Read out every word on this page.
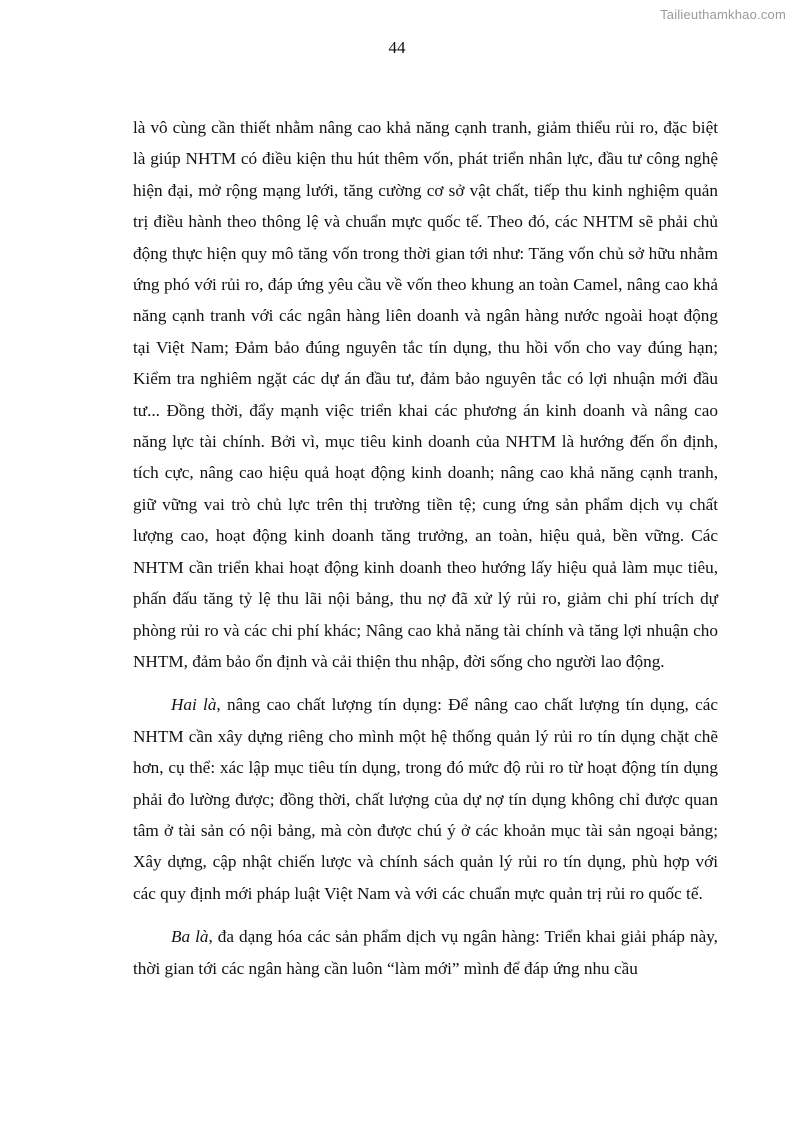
Tailieuthamkhao.com
44

là vô cùng cần thiết nhằm nâng cao khả năng cạnh tranh, giảm thiểu rủi ro, đặc biệt là giúp NHTM có điều kiện thu hút thêm vốn, phát triển nhân lực, đầu tư công nghệ hiện đại, mở rộng mạng lưới, tăng cường cơ sở vật chất, tiếp thu kinh nghiệm quản trị điều hành theo thông lệ và chuẩn mực quốc tế. Theo đó, các NHTM sẽ phải chủ động thực hiện quy mô tăng vốn trong thời gian tới như: Tăng vốn chủ sở hữu nhằm ứng phó với rủi ro, đáp ứng yêu cầu về vốn theo khung an toàn Camel, nâng cao khả năng cạnh tranh với các ngân hàng liên doanh và ngân hàng nước ngoài hoạt động tại Việt Nam; Đảm bảo đúng nguyên tắc tín dụng, thu hồi vốn cho vay đúng hạn; Kiểm tra nghiêm ngặt các dự án đầu tư, đảm bảo nguyên tắc có lợi nhuận mới đầu tư... Đồng thời, đẩy mạnh việc triển khai các phương án kinh doanh và nâng cao năng lực tài chính. Bởi vì, mục tiêu kinh doanh của NHTM là hướng đến ổn định, tích cực, nâng cao hiệu quả hoạt động kinh doanh; nâng cao khả năng cạnh tranh, giữ vững vai trò chủ lực trên thị trường tiền tệ; cung ứng sản phẩm dịch vụ chất lượng cao, hoạt động kinh doanh tăng trưởng, an toàn, hiệu quả, bền vững. Các NHTM cần triển khai hoạt động kinh doanh theo hướng lấy hiệu quả làm mục tiêu, phấn đấu tăng tỷ lệ thu lãi nội bảng, thu nợ đã xử lý rủi ro, giảm chi phí trích dự phòng rủi ro và các chi phí khác; Nâng cao khả năng tài chính và tăng lợi nhuận cho NHTM, đảm bảo ổn định và cải thiện thu nhập, đời sống cho người lao động.

Hai là, nâng cao chất lượng tín dụng: Để nâng cao chất lượng tín dụng, các NHTM cần xây dựng riêng cho mình một hệ thống quản lý rủi ro tín dụng chặt chẽ hơn, cụ thể: xác lập mục tiêu tín dụng, trong đó mức độ rủi ro từ hoạt động tín dụng phải đo lường được; đồng thời, chất lượng của dự nợ tín dụng không chỉ được quan tâm ở tài sản có nội bảng, mà còn được chú ý ở các khoản mục tài sản ngoại bảng; Xây dựng, cập nhật chiến lược và chính sách quản lý rủi ro tín dụng, phù hợp với các quy định mới pháp luật Việt Nam và với các chuẩn mực quản trị rủi ro quốc tế.

Ba là, đa dạng hóa các sản phẩm dịch vụ ngân hàng: Triển khai giải pháp này, thời gian tới các ngân hàng cần luôn “làm mới” mình để đáp ứng nhu cầu
